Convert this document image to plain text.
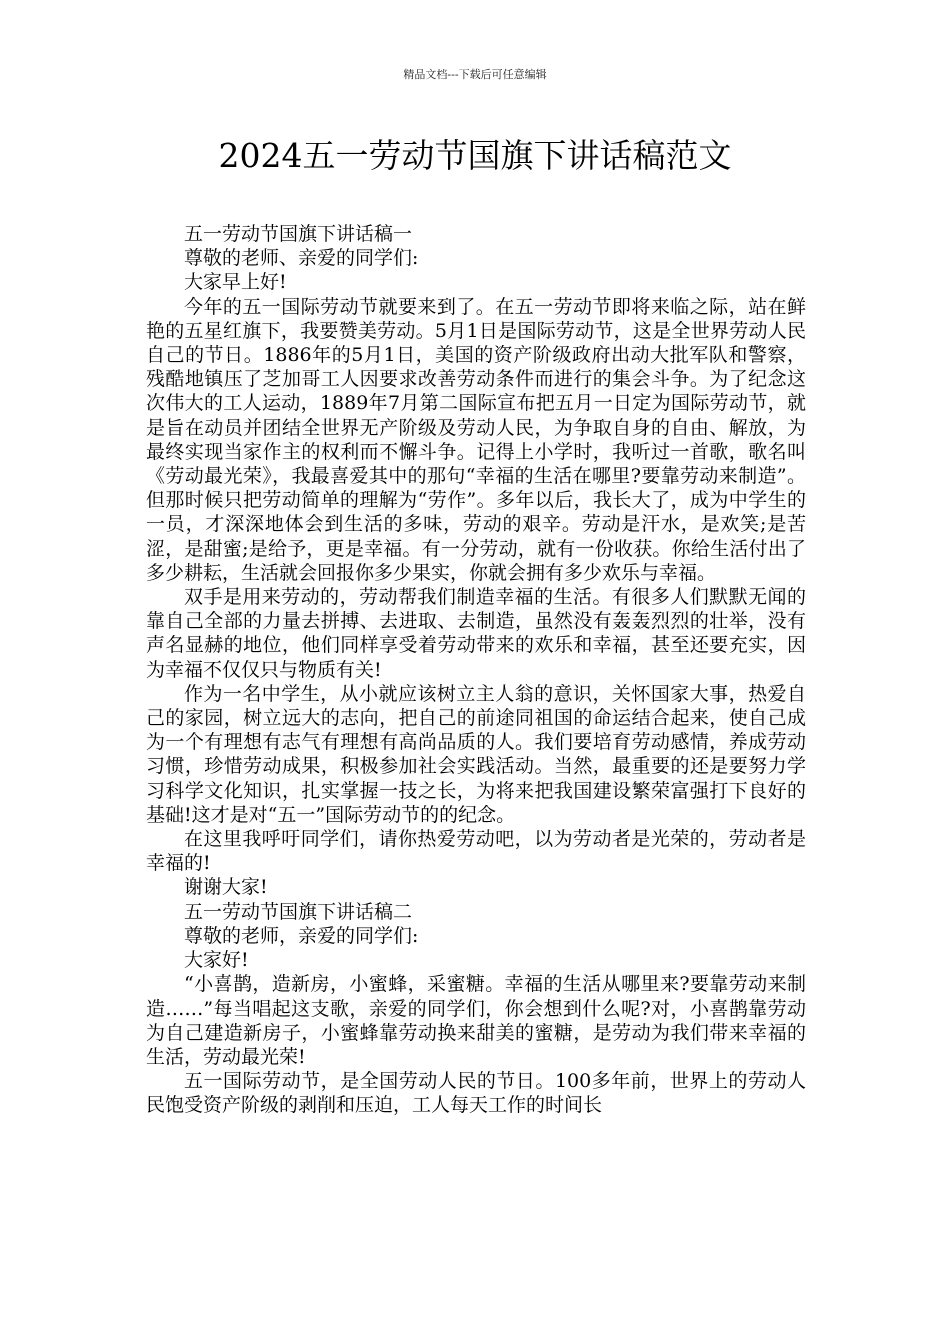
精品文档---下载后可任意编辑
2024五一劳动节国旗下讲话稿范文

五一劳动节国旗下讲话稿一

尊敬的老师、亲爱的同学们:

大家早上好!

今年的五一国际劳动节就要来到了。在五一劳动节即将来临之际，站在鲜艳的五星红旗下，我要赞美劳动。5月1日是国际劳动节，这是全世界劳动人民自己的节日。1886年的5月1日，美国的资产阶级政府出动大批军队和警察，残酷地镇压了芝加哥工人因要求改善劳动条件而进行的集会斗争。为了纪念这次伟大的工人运动，1889年7月第二国际宣布把五月一日定为国际劳动节，就是旨在动员并团结全世界无产阶级及劳动人民，为争取自身的自由、解放，为最终实现当家作主的权利而不懈斗争。记得上小学时，我听过一首歌，歌名叫《劳动最光荣》，我最喜爱其中的那句“幸福的生活在哪里?要靠劳动来制造”。但那时候只把劳动简单的理解为“劳作”。多年以后，我长大了，成为中学生的一员，才深深地体会到生活的多味，劳动的艰辛。劳动是汗水，是欢笑;是苦涩，是甜蜜;是给予，更是幸福。有一分劳动，就有一份收获。你给生活付出了多少耕耘，生活就会回报你多少果实，你就会拥有多少欢乐与幸福。

双手是用来劳动的，劳动帮我们制造幸福的生活。有很多人们默默无闻的靠自己全部的力量去拼搏、去进取、去制造，虽然没有轰轰烈烈的壮举，没有声名显赫的地位，他们同样享受着劳动带来的欢乐和幸福，甚至还要充实，因为幸福不仅仅只与物质有关!

作为一名中学生，从小就应该树立主人翁的意识，关怀国家大事，热爱自己的家园，树立远大的志向，把自己的前途同祖国的命运结合起来，使自己成为一个有理想有志气有理想有高尚品质的人。我们要培育劳动感情，养成劳动习惯，珍惜劳动成果，积极参加社会实践活动。当然，最重要的还是要努力学习科学文化知识，扎实掌握一技之长，为将来把我国建设繁荣富强打下良好的基础!这才是对“五一”国际劳动节的的纪念。

在这里我呼吁同学们，请你热爱劳动吧，以为劳动者是光荣的，劳动者是幸福的!

谢谢大家!

五一劳动节国旗下讲话稿二

尊敬的老师，亲爱的同学们:

大家好!

“小喜鹊，造新房，小蜜蜂，采蜜糖。幸福的生活从哪里来?要靠劳动来制造……”每当唱起这支歌，亲爱的同学们，你会想到什么呢?对，小喜鹊靠劳动为自己建造新房子，小蜜蜂靠劳动换来甜美的蜜糖，是劳动为我们带来幸福的生活，劳动最光荣!

五一国际劳动节，是全国劳动人民的节日。100多年前，世界上的劳动人民饱受资产阶级的剥削和压迫，工人每天工作的时间长
